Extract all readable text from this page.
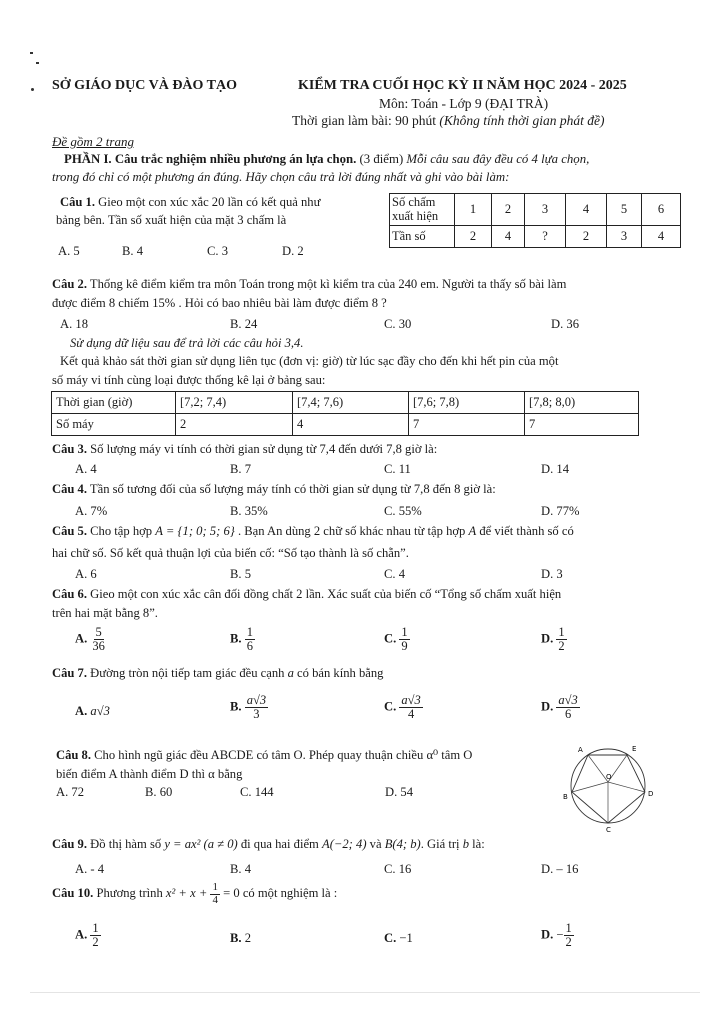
SỞ GIÁO DỤC VÀ ĐÀO TẠO	KIỂM TRA CUỐI HỌC KỲ II NĂM HỌC 2024 - 2025
Môn: Toán - Lớp 9 (ĐẠI TRÀ)
Thời gian làm bài: 90 phút (Không tính thời gian phát đề)
Đề gồm 2 trang
PHẦN I. Câu trắc nghiệm nhiều phương án lựa chọn. (3 điểm) Mỗi câu sau đây đều có 4 lựa chọn,
trong đó chỉ có một phương án đúng. Hãy chọn câu trả lời đúng nhất và ghi vào bài làm:
Câu 1. Gieo một con xúc xắc 20 lần có kết quả như
bảng bên. Tần số xuất hiện của mặt 3 chấm là
A. 5	B. 4	C. 3	D. 2
Số chấm
xuất hiện	1	2	3	4	5	6
Tần số	2	4	?	2	3	4
Câu 2. Thống kê điểm kiểm tra môn Toán trong một kì kiểm tra của 240 em. Người ta thấy số bài làm
được điểm 8 chiếm 15% . Hỏi có bao nhiêu bài làm được điểm 8 ?
A. 18	B. 24	C. 30	D. 36
Sử dụng dữ liệu sau để trả lời các câu hỏi 3,4.
Kết quả khảo sát thời gian sử dụng liên tục (đơn vị: giờ) từ lúc sạc đầy cho đến khi hết pin của một
số máy vi tính cùng loại được thống kê lại ở bảng sau:
Thời gian (giờ)	[7,2; 7,4)	[7,4; 7,6)	[7,6; 7,8)	[7,8; 8,0)
Số máy	2	4	7	7
Câu 3. Số lượng máy vi tính có thời gian sử dụng từ 7,4 đến dưới 7,8 giờ là:
A. 4	B. 7	C. 11	D. 14
Câu 4. Tần số tương đối của số lượng máy tính có thời gian sử dụng từ 7,8 đến 8 giờ là:
A. 7%	B. 35%	C. 55%	D. 77%
Câu 5. Cho tập hợp A = {1; 0; 5; 6} . Bạn An dùng 2 chữ số khác nhau từ tập hợp A để viết thành số có
hai chữ số. Số kết quả thuận lợi của biến cố: “Số tạo thành là số chẵn”.
A. 6	B. 5	C. 4	D. 3
Câu 6. Gieo một con xúc xắc cân đối đồng chất 2 lần. Xác suất của biến cố “Tổng số chấm xuất hiện
trên hai mặt bằng 8”.
A. $\frac{5}{36}$	B. $\frac{1}{6}$	C. $\frac{1}{9}$	D. $\frac{1}{2}$
Câu 7. Đường tròn nội tiếp tam giác đều cạnh a có bán kính bằng
A. a√3	B. $\frac{a√3}{3}$	C. $\frac{a√3}{4}$	D. $\frac{a√3}{6}$
Câu 8. Cho hình ngũ giác đều ABCDE có tâm O. Phép quay thuận chiều α⁰ tâm O
biến điểm A thành điểm D thì α bằng
A. 72	B. 60	C. 144	D. 54
A	E
O
B	D
C
Câu 9. Đồ thị hàm số y = ax² (a ≠ 0) đi qua hai điểm A(−2; 4) và B(4; b). Giá trị b là:
A. - 4	B. 4	C. 16	D. – 16
Câu 10. Phương trình $x^2 + x + \frac{1}{4} = 0$ có một nghiệm là :
A. $\frac{1}{2}$	B. 2	C. −1	D. − $\frac{1}{2}$
